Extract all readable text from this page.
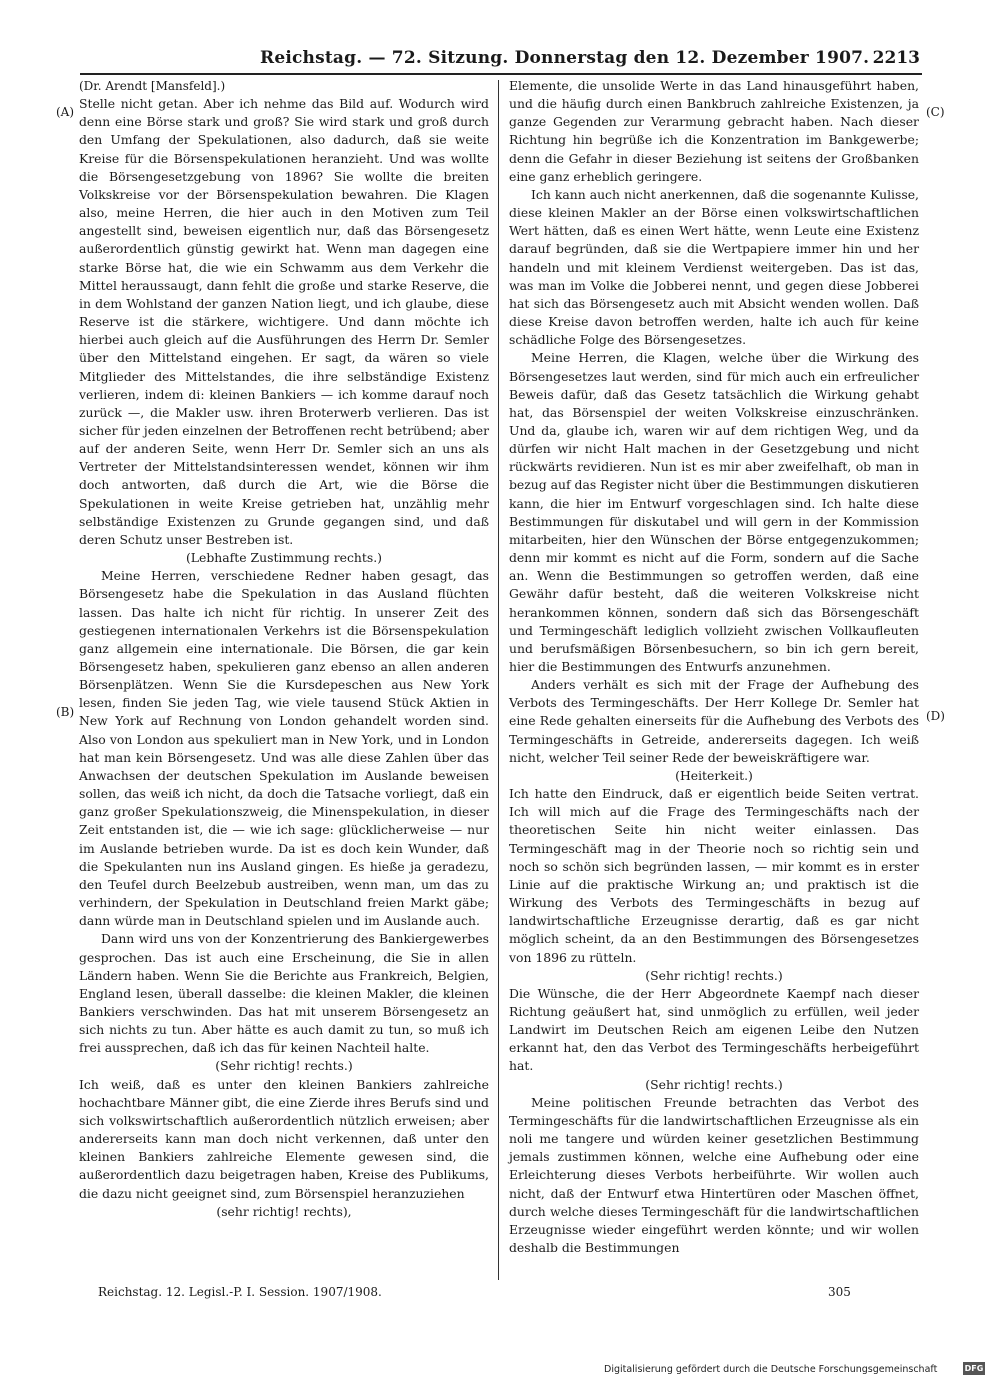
Reichstag. — 72. Sitzung. Donnerstag den 12. Dezember 1907. 2213
(A)
(B)
(C)
(D)

(Dr. Arendt [Mansfeld].)

Stelle nicht getan. Aber ich nehme das Bild auf. Wodurch wird denn eine Börse stark und groß? Sie wird stark und groß durch den Umfang der Spekulationen, also dadurch, daß sie weite Kreise für die Börsenspekulationen heranzieht. Und was wollte die Börsengesetzgebung von 1896? Sie wollte die breiten Volkskreise vor der Börsenspekulation bewahren. Die Klagen also, meine Herren, die hier auch in den Motiven zum Teil angestellt sind, beweisen eigentlich nur, daß das Börsengesetz außerordentlich günstig gewirkt hat. Wenn man dagegen eine starke Börse hat, die wie ein Schwamm aus dem Verkehr die Mittel heraussaugt, dann fehlt die große und starke Reserve, die in dem Wohlstand der ganzen Nation liegt, und ich glaube, diese Reserve ist die stärkere, wichtigere. Und dann möchte ich hierbei auch gleich auf die Ausführungen des Herrn Dr. Semler über den Mittelstand eingehen. Er sagt, da wären so viele Mitglieder des Mittelstandes, die ihre selbständige Existenz verlieren, indem di: kleinen Bankiers — ich komme darauf noch zurück —, die Makler usw. ihren Broterwerb verlieren. Das ist sicher für jeden einzelnen der Betroffenen recht betrübend; aber auf der anderen Seite, wenn Herr Dr. Semler sich an uns als Vertreter der Mittelstandsinteressen wendet, können wir ihm doch antworten, daß durch die Art, wie die Börse die Spekulationen in weite Kreise getrieben hat, unzählig mehr selbständige Existenzen zu Grunde gegangen sind, und daß deren Schutz unser Bestreben ist.

(Lebhafte Zustimmung rechts.)

Meine Herren, verschiedene Redner haben gesagt, das Börsengesetz habe die Spekulation in das Ausland flüchten lassen. Das halte ich nicht für richtig. In unserer Zeit des gestiegenen internationalen Verkehrs ist die Börsenspekulation ganz allgemein eine internationale. Die Börsen, die gar kein Börsengesetz haben, spekulieren ganz ebenso an allen anderen Börsenplätzen. Wenn Sie die Kursdepeschen aus New York lesen, finden Sie jeden Tag, wie viele tausend Stück Aktien in New York auf Rechnung von London gehandelt worden sind. Also von London aus spekuliert man in New York, und in London hat man kein Börsengesetz. Und was alle diese Zahlen über das Anwachsen der deutschen Spekulation im Auslande beweisen sollen, das weiß ich nicht, da doch die Tatsache vorliegt, daß ein ganz großer Spekulationszweig, die Minenspekulation, in dieser Zeit entstanden ist, die — wie ich sage: glücklicherweise — nur im Auslande betrieben wurde. Da ist es doch kein Wunder, daß die Spekulanten nun ins Ausland gingen. Es hieße ja geradezu, den Teufel durch Beelzebub austreiben, wenn man, um das zu verhindern, der Spekulation in Deutschland freien Markt gäbe; dann würde man in Deutschland spielen und im Auslande auch.

Dann wird uns von der Konzentrierung des Bankiergewerbes gesprochen. Das ist auch eine Erscheinung, die Sie in allen Ländern haben. Wenn Sie die Berichte aus Frankreich, Belgien, England lesen, überall dasselbe: die kleinen Makler, die kleinen Bankiers verschwinden. Das hat mit unserem Börsengesetz an sich nichts zu tun. Aber hätte es auch damit zu tun, so muß ich frei aussprechen, daß ich das für keinen Nachteil halte.

(Sehr richtig! rechts.)

Ich weiß, daß es unter den kleinen Bankiers zahlreiche hochachtbare Männer gibt, die eine Zierde ihres Berufs sind und sich volkswirtschaftlich außerordentlich nützlich erweisen; aber andererseits kann man doch nicht verkennen, daß unter den kleinen Bankiers zahlreiche Elemente gewesen sind, die außerordentlich dazu beigetragen haben, Kreise des Publikums, die dazu nicht geeignet sind, zum Börsenspiel heranzuziehen

(sehr richtig! rechts),

Elemente, die unsolide Werte in das Land hinausgeführt haben, und die häufig durch einen Bankbruch zahlreiche Existenzen, ja ganze Gegenden zur Verarmung gebracht haben. Nach dieser Richtung hin begrüße ich die Konzentration im Bankgewerbe; denn die Gefahr in dieser Beziehung ist seitens der Großbanken eine ganz erheblich geringere.

Ich kann auch nicht anerkennen, daß die sogenannte Kulisse, diese kleinen Makler an der Börse einen volkswirtschaftlichen Wert hätten, daß es einen Wert hätte, wenn Leute eine Existenz darauf begründen, daß sie die Wertpapiere immer hin und her handeln und mit kleinem Verdienst weitergeben. Das ist das, was man im Volke die Jobberei nennt, und gegen diese Jobberei hat sich das Börsengesetz auch mit Absicht wenden wollen. Daß diese Kreise davon betroffen werden, halte ich auch für keine schädliche Folge des Börsengesetzes.

Meine Herren, die Klagen, welche über die Wirkung des Börsengesetzes laut werden, sind für mich auch ein erfreulicher Beweis dafür, daß das Gesetz tatsächlich die Wirkung gehabt hat, das Börsenspiel der weiten Volkskreise einzuschränken. Und da, glaube ich, waren wir auf dem richtigen Weg, und da dürfen wir nicht Halt machen in der Gesetzgebung und nicht rückwärts revidieren. Nun ist es mir aber zweifelhaft, ob man in bezug auf das Register nicht über die Bestimmungen diskutieren kann, die hier im Entwurf vorgeschlagen sind. Ich halte diese Bestimmungen für diskutabel und will gern in der Kommission mitarbeiten, hier den Wünschen der Börse entgegenzukommen; denn mir kommt es nicht auf die Form, sondern auf die Sache an. Wenn die Bestimmungen so getroffen werden, daß eine Gewähr dafür besteht, daß die weiteren Volkskreise nicht herankommen können, sondern daß sich das Börsengeschäft und Termingeschäft lediglich vollzieht zwischen Vollkaufleuten und berufsmäßigen Börsenbesuchern, so bin ich gern bereit, hier die Bestimmungen des Entwurfs anzunehmen.

Anders verhält es sich mit der Frage der Aufhebung des Verbots des Termingeschäfts. Der Herr Kollege Dr. Semler hat eine Rede gehalten einerseits für die Aufhebung des Verbots des Termingeschäfts in Getreide, andererseits dagegen. Ich weiß nicht, welcher Teil seiner Rede der beweiskräftigere war.

(Heiterkeit.)

Ich hatte den Eindruck, daß er eigentlich beide Seiten vertrat. Ich will mich auf die Frage des Termingeschäfts nach der theoretischen Seite hin nicht weiter einlassen. Das Termingeschäft mag in der Theorie noch so richtig sein und noch so schön sich begründen lassen, — mir kommt es in erster Linie auf die praktische Wirkung an; und praktisch ist die Wirkung des Verbots des Termingeschäfts in bezug auf landwirtschaftliche Erzeugnisse derartig, daß es gar nicht möglich scheint, da an den Bestimmungen des Börsengesetzes von 1896 zu rütteln.

(Sehr richtig! rechts.)

Die Wünsche, die der Herr Abgeordnete Kaempf nach dieser Richtung geäußert hat, sind unmöglich zu erfüllen, weil jeder Landwirt im Deutschen Reich am eigenen Leibe den Nutzen erkannt hat, den das Verbot des Termingeschäfts herbeigeführt hat.

(Sehr richtig! rechts.)

Meine politischen Freunde betrachten das Verbot des Termingeschäfts für die landwirtschaftlichen Erzeugnisse als ein noli me tangere und würden keiner gesetzlichen Bestimmung jemals zustimmen können, welche eine Aufhebung oder eine Erleichterung dieses Verbots herbeiführte. Wir wollen auch nicht, daß der Entwurf etwa Hintertüren oder Maschen öffnet, durch welche dieses Termingeschäft für die landwirtschaftlichen Erzeugnisse wieder eingeführt werden könnte; und wir wollen deshalb die Bestimmungen

Reichstag. 12. Legisl.-P. I. Session. 1907/1908.	305
Digitalisierung gefördert durch die Deutsche Forschungsgemeinschaft	DFG
